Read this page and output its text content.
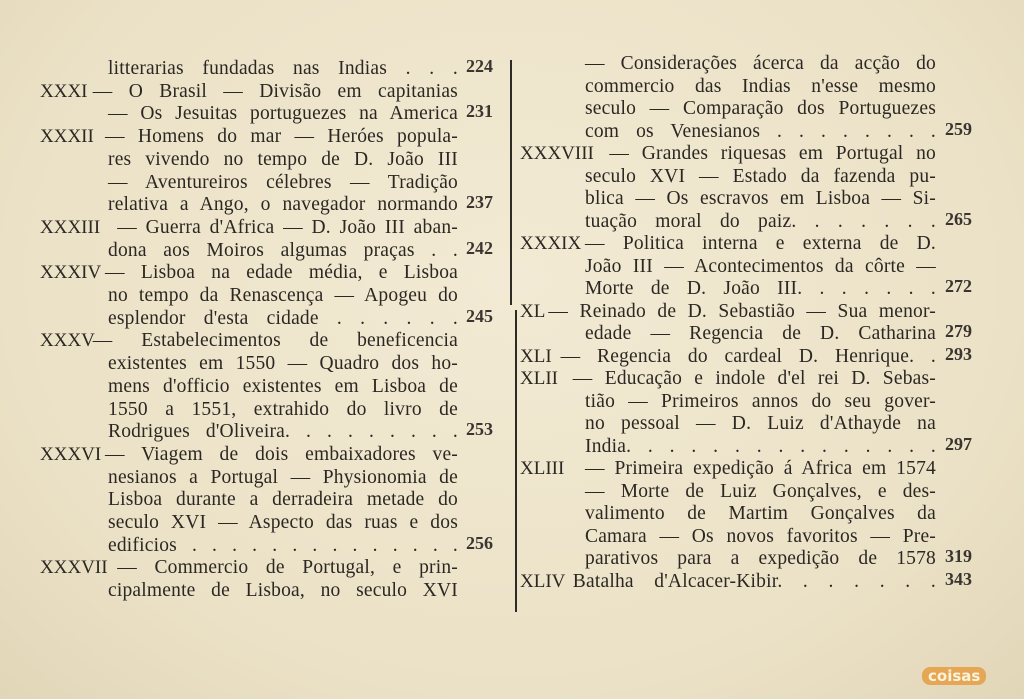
litterarias fundadas nas Indias . . . 224
XXXI — O Brasil — Divisão em capitanias
— Os Jesuitas portuguezes na America 231
XXXII — Homens do mar — Heróes popula-
res vivendo no tempo de D. João III
— Aventureiros célebres — Tradição
relativa a Ango, o navegador normando 237
XXXIII — Guerra d'Africa — D. João III aban-
dona aos Moiros algumas praças . . 242
XXXIV — Lisboa na edade média, e Lisboa
no tempo da Renascença — Apogeu do
esplendor d'esta cidade . . . . . . 245
XXXV
— Estabelecimentos de beneficencia
existentes em 1550 — Quadro dos ho-
mens d'officio existentes em Lisboa de
1550 a 1551, extrahido do livro de
Rodrigues d'Oliveira. . . . . . . . . 253
XXXVI — Viagem de dois embaixadores ve-
nesianos a Portugal — Physionomia de
Lisboa durante a derradeira metade do
seculo XVI — Aspecto das ruas e dos
edificios . . . . . . . . . . . . . . 256
XXXVII — Commercio de Portugal, e prin-
cipalmente de Lisboa, no seculo XVI
— Considerações ácerca da acção do
commercio das Indias n'esse mesmo
seculo — Comparação dos Portuguezes
com os Venesianos . . . . . . . . 259
XXXVIII — Grandes riquesas em Portugal no
seculo XVI — Estado da fazenda pu-
blica — Os escravos em Lisboa — Si-
tuação moral do paiz. . . . . . . 265
XXXIX — Politica interna e externa de D.
João III — Acontecimentos da côrte —
Morte de D. João III. . . . . . . 272
XL — Reinado de D. Sebastião — Sua menor-
edade — Regencia de D. Catharina 279
XLI — Regencia do cardeal D. Henrique. . 293
XLII — Educação e indole d'el rei D. Sebas-
tião — Primeiros annos do seu gover-
no pessoal — D. Luiz d'Athayde na
India. . . . . . . . . . . . . . . 297
XLIII — Primeira expedição á Africa em 1574
— Morte de Luiz Gonçalves, e des-
valimento de Martim Gonçalves da
Camara — Os novos favoritos — Pre-
parativos para a expedição de 1578 319
XLIV Batalha d'Alcacer-Kibir. . . . . . . 343
coisas
